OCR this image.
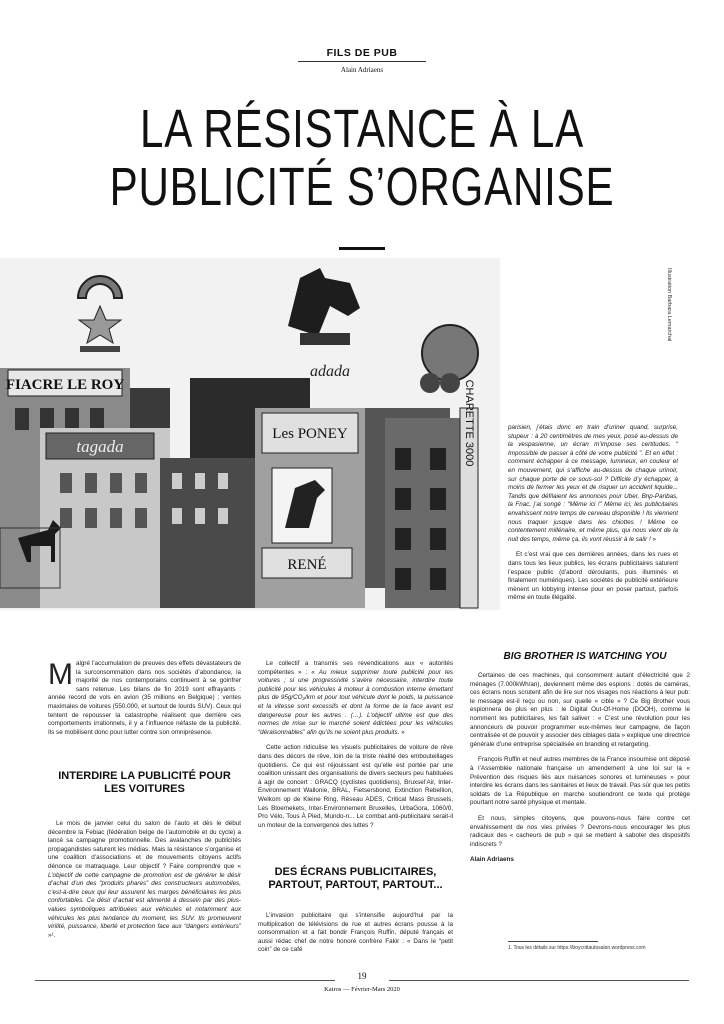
FILS DE PUB
Alain Adriaens
LA RÉSISTANCE À LA
PUBLICITÉ S’ORGANISE
Illustration Barbara Lemarchal
FIACRE LE ROY
tagada
adada
Les PONEY
RENÉ
CHARETTE 3000
M algré l’accumulation de preuves des effets dévastateurs de la surconsommation dans nos sociétés d’abondance, la majorité de nos contemporains continuent à se goinfrer sans retenue. Les bilans de fin 2019 sont effrayants : année record de vols en avion (35 millions en Belgique) ; ventes maximales de voitures (550.000, et surtout de lourds SUV). Ceux qui tentent de repousser la catastrophe réalisent que derrière ces comportements irrationnels, il y a l’influence néfaste de la publicité. Ils se mobilisent donc pour lutter contre son omniprésence.

INTERDIRE LA PUBLICITÉ POUR LES VOITURES

Le mois de janvier celui du salon de l’auto et dès le début décembre la Febiac (fédération belge de l’automobile et du cycle) a lancé sa campagne promotionnelle. Des avalanches de publicités propagandistes saturent les médias. Mais la résistance s’organise et une coalition d’associations et de mouvements citoyens actifs dénonce ce matraquage. Leur objectif ? Faire comprendre que « L’objectif de cette campagne de promotion est de générer le désir d’achat d’un des “produits phares” des constructeurs automobiles, c’est-à-dire ceux qui leur assurent les marges bénéficiaires les plus confortables. Ce désir d’achat est alimenté à dessein par des plus-values symboliques attribuées aux véhicules et notamment aux véhicules les plus tendance du moment, les SUV. Ils promeuvent virilité, puissance, liberté et protection face aux “dangers extérieurs” »¹.

Le collectif a transmis ses revendications aux « autorités compétentes » : « Au mieux supprimer toute publicité pour les voitures ; si une progressivité s’avère nécessaire, interdire toute publicité pour les véhicules à moteur à combustion interne émettant plus de 95g/CO₂/km et pour tout véhicule dont le poids, la puissance et la vitesse sont excessifs et dont la forme de la face avant est dangereuse pour les autres . (…). L’objectif ultime est que des normes de mise sur le marché soient édictées pour les véhicules “déraisonnables” afin qu’ils ne soient plus produits. »

Cette action ridiculise les visuels publicitaires de voiture de rêve dans des décors de rêve, loin de la triste réalité des embouteillages quotidiens. Ce qui est réjouissant est qu’elle est portée par une coalition unissant des organisations de divers secteurs peu habituées à agir de concert : GRACQ (cyclistes quotidiens), Bruxsel’Air, Inter-Environnement Wallonie, BRAL, Fietsersbond, Extinction Rebellion, Welkom op de Kleine Ring, Réseau ADES, Critical Mass Brussels, Les Bloemekets, Inter-Environnement Bruxelles, UrbaGora, 1060/0, Pro Vélo, Tous À Pied, Mundo-n... Le combat anti-publicitaire serait-il un moteur de la convergence des luttes ?

DES ÉCRANS PUBLICITAIRES, PARTOUT, PARTOUT, PARTOUT...

L’invasion publicitaire qui s’intensifie aujourd’hui par la multiplication de télévisions de rue et autres écrans pousse à la consommation et a fait bondir François Ruffin, député français et aussi rédac chef de notre honoré confrère Fakir : « Dans le “petit coin” de ce café

parisien, j’étais donc en train d’uriner quand, surprise, stupeur : à 20 centimètres de mes yeux, posé au-dessus de la vespasienne, un écran m’impose ses certitudes. “ Impossible de passer à côté de votre publicité ”. Et en effet : comment échapper à ce message, lumineux, en couleur et en mouvement, qui s’affiche au-dessus de chaque urinoir, sur chaque porte de ce sous-sol ? Difficile d’y échapper, à moins de fermer les yeux et de risquer un accident liquide... Tandis que défilaient les annonces pour Uber, Bnp-Paribas, la Fnac, j’ai songé : “Même ici !” Même ici, les publicitaires envahissent notre temps de cerveau disponible ! Ils viennent nous traquer jusque dans les chiottes ! Même ce contentement millénaire, et même plus, qui nous vient de la nuit des temps, même ça, ils vont réussir à le salir ! »

Et c’est vrai que ces dernières années, dans les rues et dans tous les lieux publics, les écrans publicitaires saturent l’espace public (d’abord déroulants, puis illuminés et finalement numériques). Les sociétés de publicité extérieure mènent un lobbying intense pour en poser partout, parfois même en toute illégalité.

BIG BROTHER IS WATCHING YOU

Certaines de ces machines, qui consomment autant d’électricité que 2 ménages (7.000kWh/an), deviennent même des espions : dotés de caméras, ces écrans nous scrutent afin de lire sur nos visages nos réactions à leur pub: le message est-il reçu ou non, sur quelle « cible » ? Ce Big Brother vous espionnera de plus en plus : le Digital Out-Of-Home (DOOH), comme le nomment les publicitaires, les fait saliver : « C’est une révolution pour les annonceurs de pouvoir programmer eux-mêmes leur campagne, de façon centralisée et de pouvoir y associer des ciblages data » explique une directrice générale d’une entreprise spécialisée en branding et retargeting.

François Ruffin et neuf autres membres de la France insoumise ont déposé à l’Assemblée nationale française un amendement à une loi sur la « Prévention des risques liés aux nuisances sonores et lumineuses » pour interdire les écrans dans les sanitaires et lieux de travail. Pas sûr que les petits soldats de La République en marche soutiendront ce texte qui protège pourtant notre santé physique et mentale.

Et nous, simples citoyens, que pouvons-nous faire contre cet envahissement de nos vies privées ? Devrons-nous encourager les plus radicaux des « cacheurs de pub » qui se mettent à saboter des dispositifs indiscrets ?

Alain Adriaens

1. Tous les détails sur https://boycottautosalon.wordpress.com
19
Kairos — Février-Mars 2020
